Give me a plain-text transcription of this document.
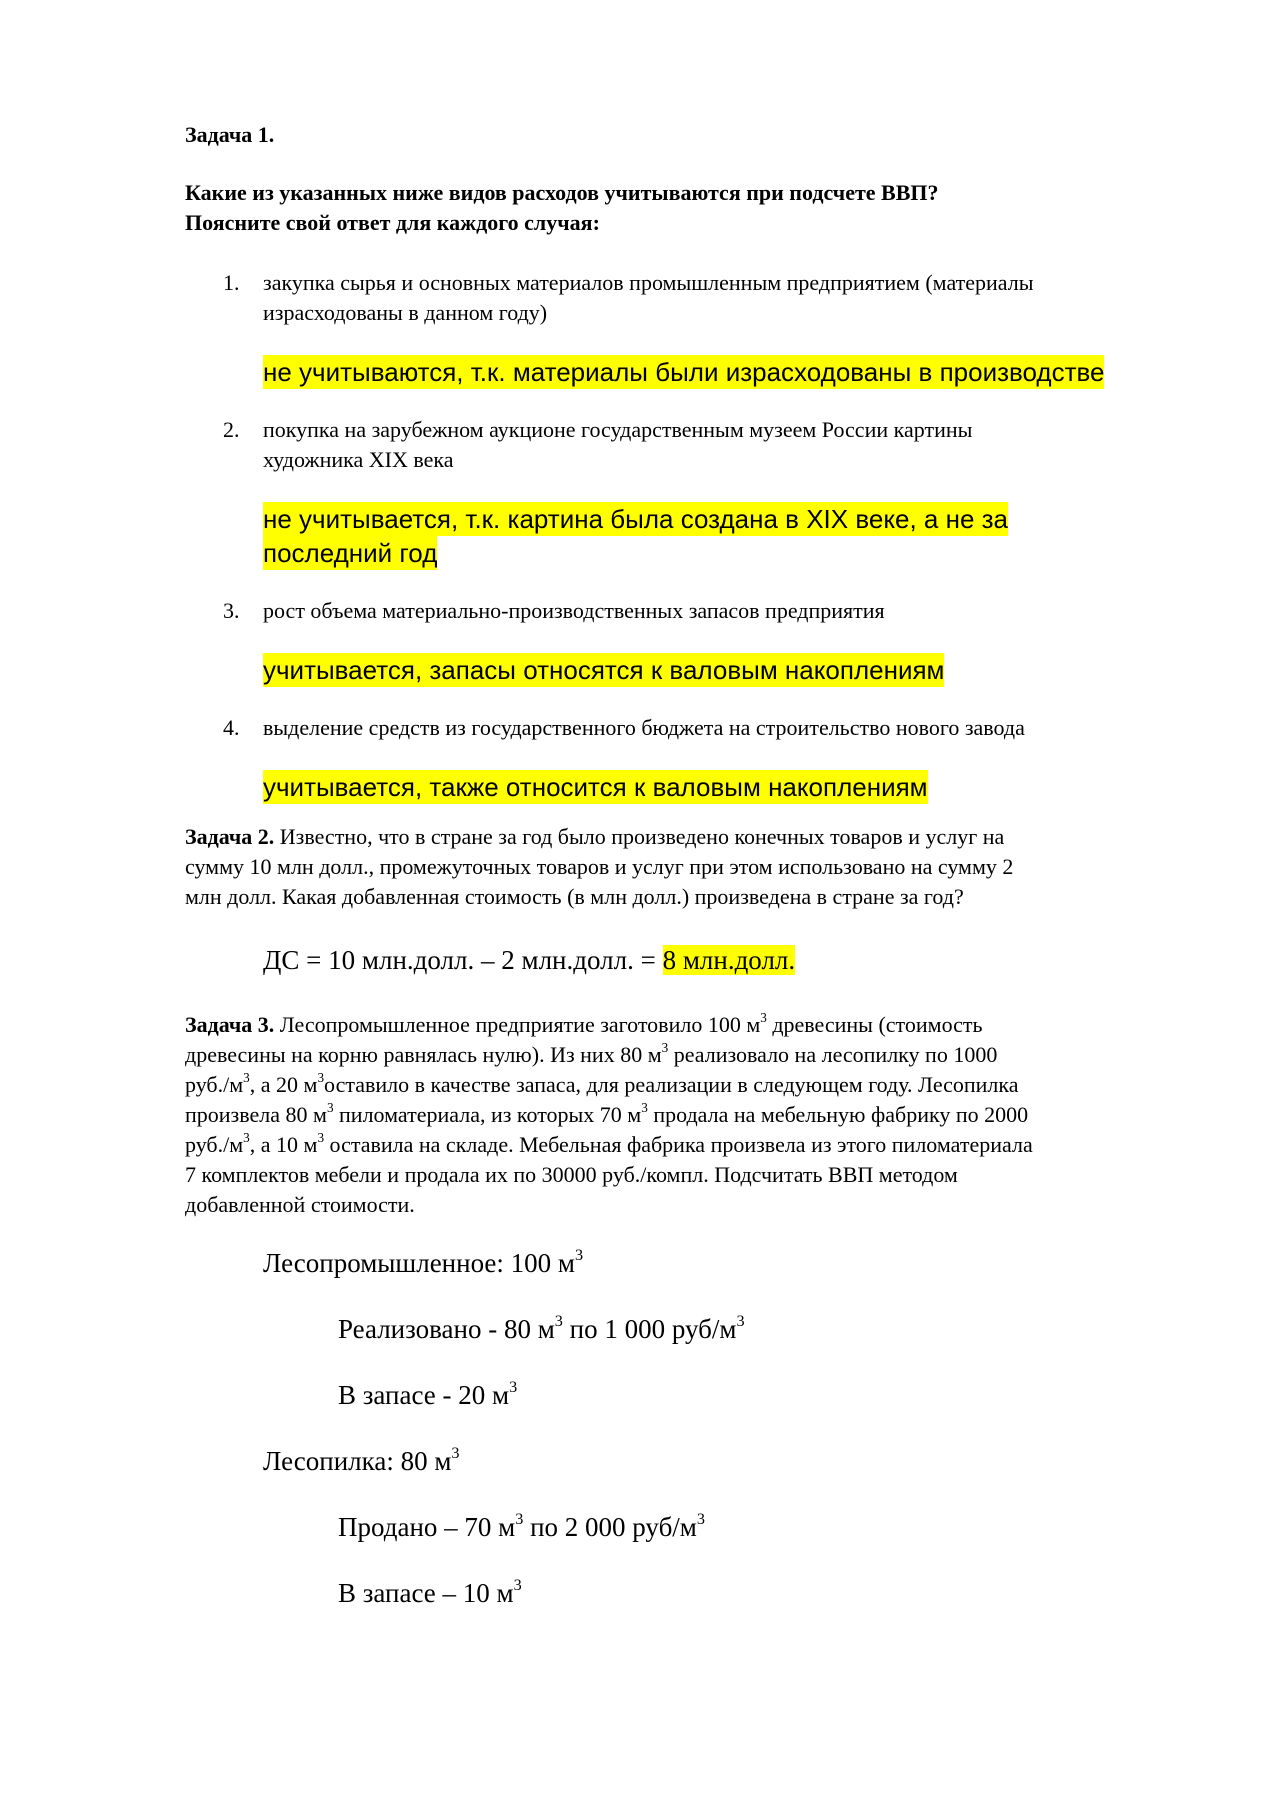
Задача 1.

Какие из указанных ниже видов расходов учитываются при подсчете ВВП?

Поясните свой ответ для каждого случая:

1. закупка сырья и основных материалов промышленным предприятием (материалы
израсходованы в данном году)
не учитываются, т.к. материалы были израсходованы в производстве
2. покупка на зарубежном аукционе государственным музеем России картины
художника XIX века
не учитывается, т.к. картина была создана в XIX веке, а не за
последний год
3. рост объема материально-производственных запасов предприятия
учитывается, запасы относятся к валовым накоплениям
4. выделение средств из государственного бюджета на строительство нового завода
учитывается, также относится к валовым накоплениям

Задача 2. Известно, что в стране за год было произведено конечных товаров и услуг на

сумму 10 млн долл., промежуточных товаров и услуг при этом использовано на сумму 2

млн долл. Какая добавленная стоимость (в млн долл.) произведена в стране за год?

ДС = 10 млн.долл. – 2 млн.долл. = 8 млн.долл.

Задача 3. Лесопромышленное предприятие заготовило 100 $м^3$ древесины (стоимость

древесины на корню равнялась нулю). Из них 80 $м^3$ реализовало на лесопилку по 1000

$руб./м^3$, а 20 $м^3оставило$ в качестве запаса, для реализации в следующем году. Лесопилка

произвела 80 $м^3$ пиломатериала, из которых 70 $м^3$ продала на мебельную фабрику по 2000

$руб./м^3$, а 10 $м^3$ оставила на складе. Мебельная фабрика произвела из этого пиломатериала

7 комплектов мебели и продала их по 30000 руб./компл. Подсчитать ВВП методом

добавленной стоимости.

Лесопромышленное: 100 $м^3$
Реализовано - 80 $м^3$ по 1 000 руб/$м^3$
В запасе - 20 $м^3$
Лесопилка: 80 $м^3$
Продано – 70 $м^3$ по 2 000 руб/$м^3$
В запасе – 10 $м^3$
